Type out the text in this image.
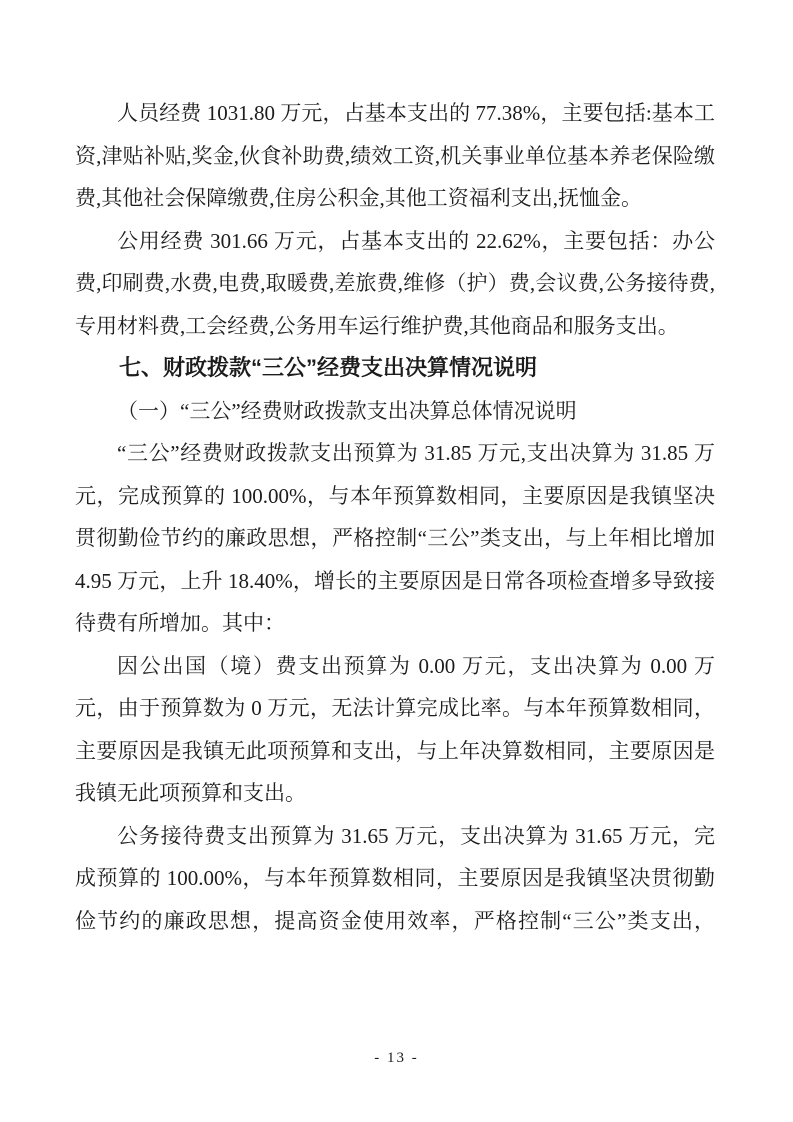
人员经费 1031.80 万元，占基本支出的 77.38%，主要包括:基本工资,津贴补贴,奖金,伙食补助费,绩效工资,机关事业单位基本养老保险缴费,其他社会保障缴费,住房公积金,其他工资福利支出,抚恤金。

公用经费 301.66 万元，占基本支出的 22.62%，主要包括：办公费,印刷费,水费,电费,取暖费,差旅费,维修（护）费,会议费,公务接待费,专用材料费,工会经费,公务用车运行维护费,其他商品和服务支出。

七、财政拨款“三公”经费支出决算情况说明

（一）“三公”经费财政拨款支出决算总体情况说明

“三公”经费财政拨款支出预算为 31.85 万元,支出决算为 31.85 万元，完成预算的 100.00%，与本年预算数相同，主要原因是我镇坚决贯彻勤俭节约的廉政思想，严格控制“三公”类支出，与上年相比增加 4.95 万元，上升 18.40%，增长的主要原因是日常各项检查增多导致接待费有所增加。其中：

因公出国（境）费支出预算为 0.00 万元，支出决算为 0.00 万元，由于预算数为 0 万元，无法计算完成比率。与本年预算数相同，主要原因是我镇无此项预算和支出，与上年决算数相同，主要原因是我镇无此项预算和支出。

公务接待费支出预算为 31.65 万元，支出决算为 31.65 万元，完成预算的 100.00%，与本年预算数相同，主要原因是我镇坚决贯彻勤俭节约的廉政思想，提高资金使用效率，严格控制“三公”类支出，

- 13 -
